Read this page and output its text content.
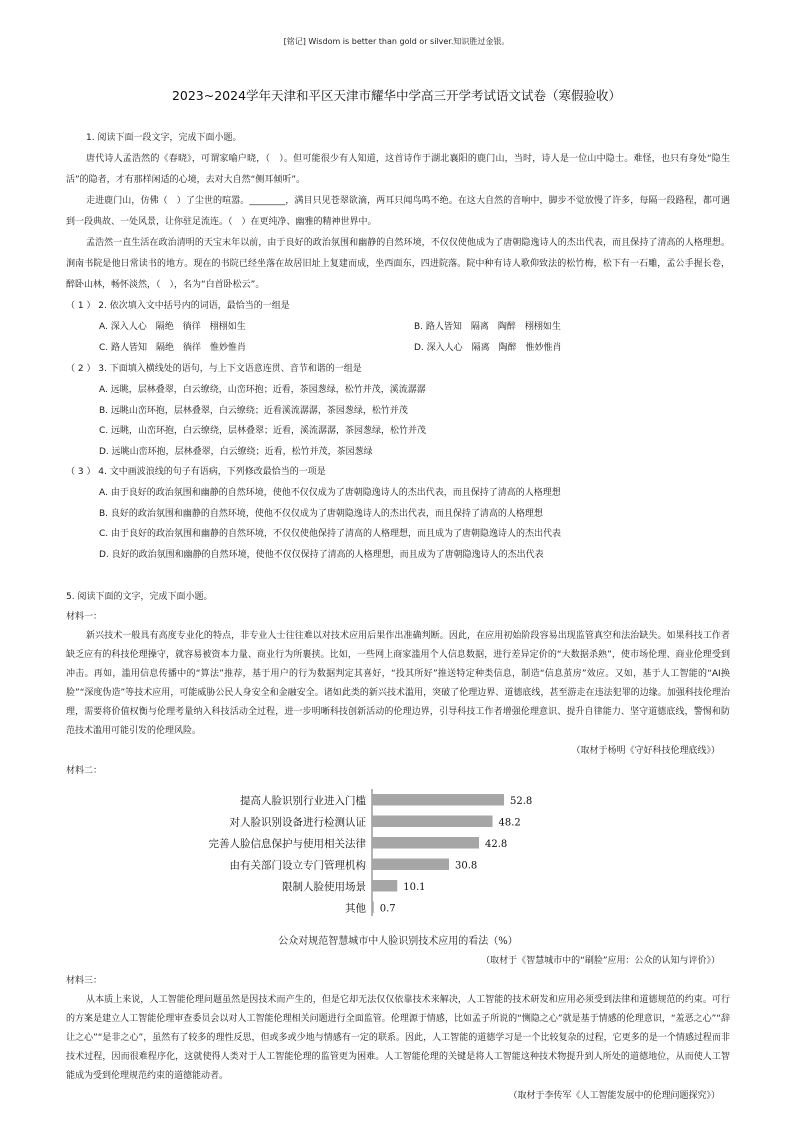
[铭记] Wisdom is better than gold or silver.知识胜过金银。
2023~2024学年天津和平区天津市耀华中学高三开学考试语文试卷（寒假验收）

1. 阅读下面一段文字，完成下面小题。

唐代诗人孟浩然的《春晓》，可谓家喻户晓，（　）。但可能很少有人知道，这首诗作于湖北襄阳的鹿门山，当时，诗人是一位山中隐士。难怪，也只有身处“隐生活”的隐者，才有那样闲适的心境，去对大自然“侧耳倾听”。

走进鹿门山，仿佛（　）了尘世的喧嚣。________，满目只见苍翠欲滴，两耳只闻鸟鸣不绝。在这大自然的音响中，脚步不觉放慢了许多，每隔一段路程，都可遇到一段典故、一处风景，让你驻足流连。（　）在更纯净、幽雅的精神世界中。

孟浩然一直生活在政治清明的天宝末年以前，由于良好的政治氛围和幽静的自然环境，不仅仅使他成为了唐朝隐逸诗人的杰出代表，而且保持了清高的人格理想。涧南书院是他日常读书的地方。现在的书院已经坐落在故居旧址上复建而成，坐西面东，四进院落。院中种有诗人歌仰致法的松竹梅，松下有一石雕，孟公手握长卷，醉卧山林，畅怀淡然，（　），名为“白首卧松云”。

（ 1 ） 2. 依次填入文中括号内的词语，最恰当的一组是

A. 深入人心　隔绝　徜徉　栩栩如生	B. 路人皆知　隔离　陶醉　栩栩如生
C. 路人皆知　隔绝　徜徉　惟妙惟肖	D. 深入人心　隔离　陶醉　惟妙惟肖

（ 2 ） 3. 下面填入横线处的语句，与上下文语意连贯、音节和谐的一组是

A. 远眺，层林叠翠，白云缭绕，山峦环抱；近看，茶园葱绿，松竹并茂，溪流潺潺
B. 远眺山峦环抱，层林叠翠，白云缭绕；近看溪流潺潺，茶园葱绿，松竹并茂
C. 远眺，山峦环抱，白云缭绕，层林叠翠；近看，溪流潺潺，茶园葱绿，松竹并茂
D. 远眺山峦环抱，层林叠翠，白云缭绕；近看，松竹并茂，茶园葱绿

（ 3 ） 4. 文中画波浪线的句子有语病，下列修改最恰当的一项是

A. 由于良好的政治氛围和幽静的自然环境，使他不仅仅成为了唐朝隐逸诗人的杰出代表，而且保持了清高的人格理想
B. 良好的政治氛围和幽静的自然环境，使他不仅仅成为了唐朝隐逸诗人的杰出代表，而且保持了清高的人格理想
C. 由于良好的政治氛围和幽静的自然环境，不仅仅使他保持了清高的人格理想，而且成为了唐朝隐逸诗人的杰出代表
D. 良好的政治氛围和幽静的自然环境，使他不仅仅保持了清高的人格理想，而且成为了唐朝隐逸诗人的杰出代表

5. 阅读下面的文字，完成下面小题。

材料一：

新兴技术一般具有高度专业化的特点，非专业人士往往难以对技术应用后果作出准确判断。因此，在应用初始阶段容易出现监管真空和法治缺失。如果科技工作者缺乏应有的科技伦理操守，就容易被资本力量、商业行为所裹挟。比如，一些网上商家滥用个人信息数据，进行差异定价的“大数据杀熟”，使市场伦理、商业伦理受到冲击。再如，滥用信息传播中的“算法”推荐，基于用户的行为数据判定其喜好，“投其所好”推送特定种类信息，制造“信息茧房”效应。又如，基于人工智能的“AI换脸”“深度伪造”等技术应用，可能威胁公民人身安全和金融安全。诸如此类的新兴技术滥用，突破了伦理边界、道德底线，甚至游走在违法犯罪的边缘。加强科技伦理治理，需要将价值权衡与伦理考量纳入科技活动全过程，进一步明晰科技创新活动的伦理边界，引导科技工作者增强伦理意识、提升自律能力、坚守道德底线，警惕和防范技术滥用可能引发的伦理风险。

（取材于杨明《守好科技伦理底线》）

材料二：

提高人脸识别行业进入门槛	52.8
对人脸识别设备进行检测认证	48.2
完善人脸信息保护与使用相关法律	42.8
由有关部门设立专门管理机构	30.8
限制人脸使用场景	10.1
其他 0.7

公众对规范智慧城市中人脸识别技术应用的看法（%）

（取材于《智慧城市中的“刷脸”应用：公众的认知与评价》）

材料三：

从本质上来说，人工智能伦理问题虽然是因技术而产生的，但是它却无法仅仅依靠技术来解决，人工智能的技术研发和应用必须受到法律和道德规范的约束。可行的方案是建立人工智能伦理审查委员会以对人工智能伦理相关问题进行全面监管。伦理源于情感，比如孟子所说的“恻隐之心”就是基于情感的伦理意识，“羞恶之心”“辞让之心”“是非之心”，虽然有了较多的理性反思，但或多或少地与情感有一定的联系。因此，人工智能的道德学习是一个比较复杂的过程，它更多的是一个情感过程而非技术过程，因而很难程序化，这就使得人类对于人工智能伦理的监管更为困难。人工智能伦理的关键是将人工智能这种技术物提升到人所处的道德地位，从而使人工智能成为受到伦理规范约束的道德能动者。

（取材于李传军《人工智能发展中的伦理问题探究》）
